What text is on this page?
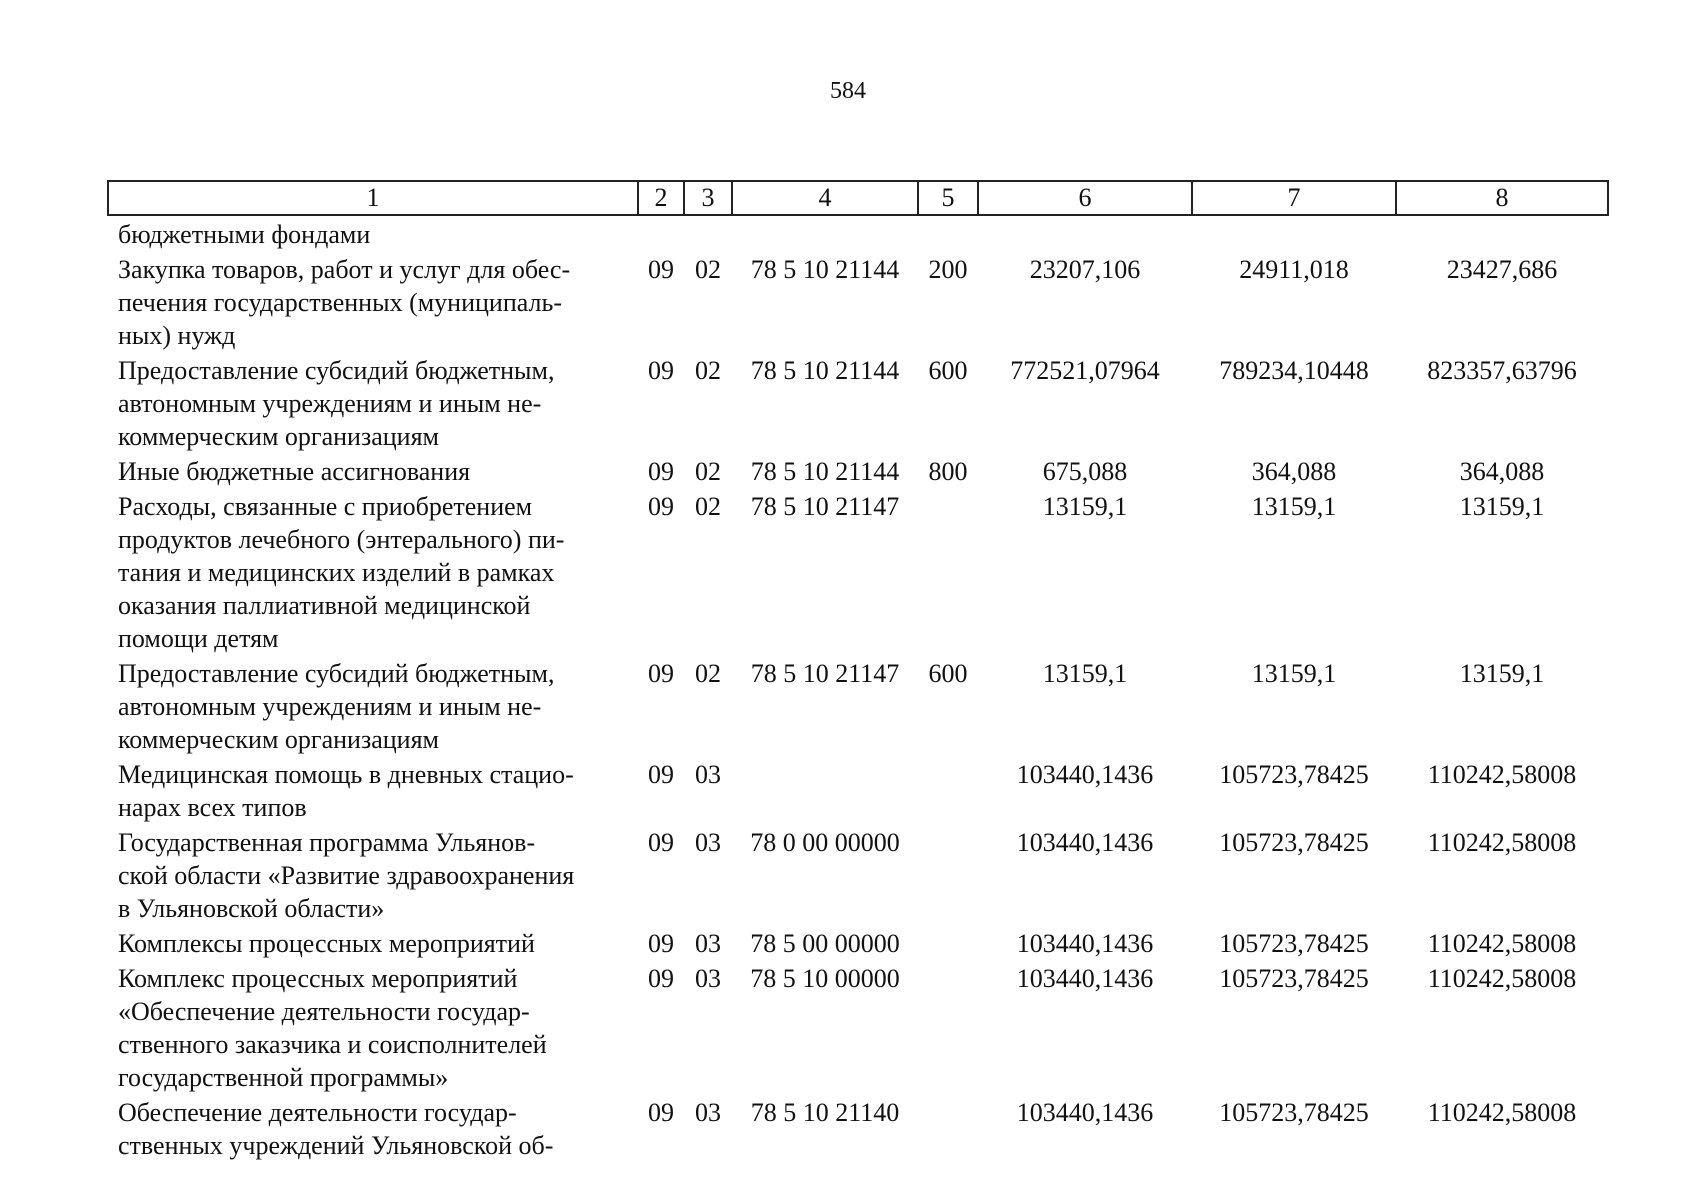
584
1	2	3	4	5	6	7	8

бюджетными фондами							

Закупка товаров, работ и услуг для обес-
печения государственных (муниципаль-
ных) нужд	09	02	78 5 10 21144	200	23207,106	24911,018	23427,686

Предоставление субсидий бюджетным,
автономным учреждениям и иным не-
коммерческим организациям	09	02	78 5 10 21144	600	772521,07964	789234,10448	823357,63796

Иные бюджетные ассигнования	09	02	78 5 10 21144	800	675,088	364,088	364,088

Расходы, связанные с приобретением
продуктов лечебного (энтерального) пи-
тания и медицинских изделий в рамках
оказания паллиативной медицинской
помощи детям	09	02	78 5 10 21147		13159,1	13159,1	13159,1

Предоставление субсидий бюджетным,
автономным учреждениям и иным не-
коммерческим организациям	09	02	78 5 10 21147	600	13159,1	13159,1	13159,1

Медицинская помощь в дневных стацио-
нарах всех типов	09	03			103440,1436	105723,78425	110242,58008

Государственная программа Ульянов-
ской области «Развитие здравоохранения
в Ульяновской области»	09	03	78 0 00 00000		103440,1436	105723,78425	110242,58008

Комплексы процессных мероприятий	09	03	78 5 00 00000		103440,1436	105723,78425	110242,58008

Комплекс процессных мероприятий
«Обеспечение деятельности государ-
ственного заказчика и соисполнителей
государственной программы»	09	03	78 5 10 00000		103440,1436	105723,78425	110242,58008

Обеспечение деятельности государ-
ственных учреждений Ульяновской об-	09	03	78 5 10 21140		103440,1436	105723,78425	110242,58008
